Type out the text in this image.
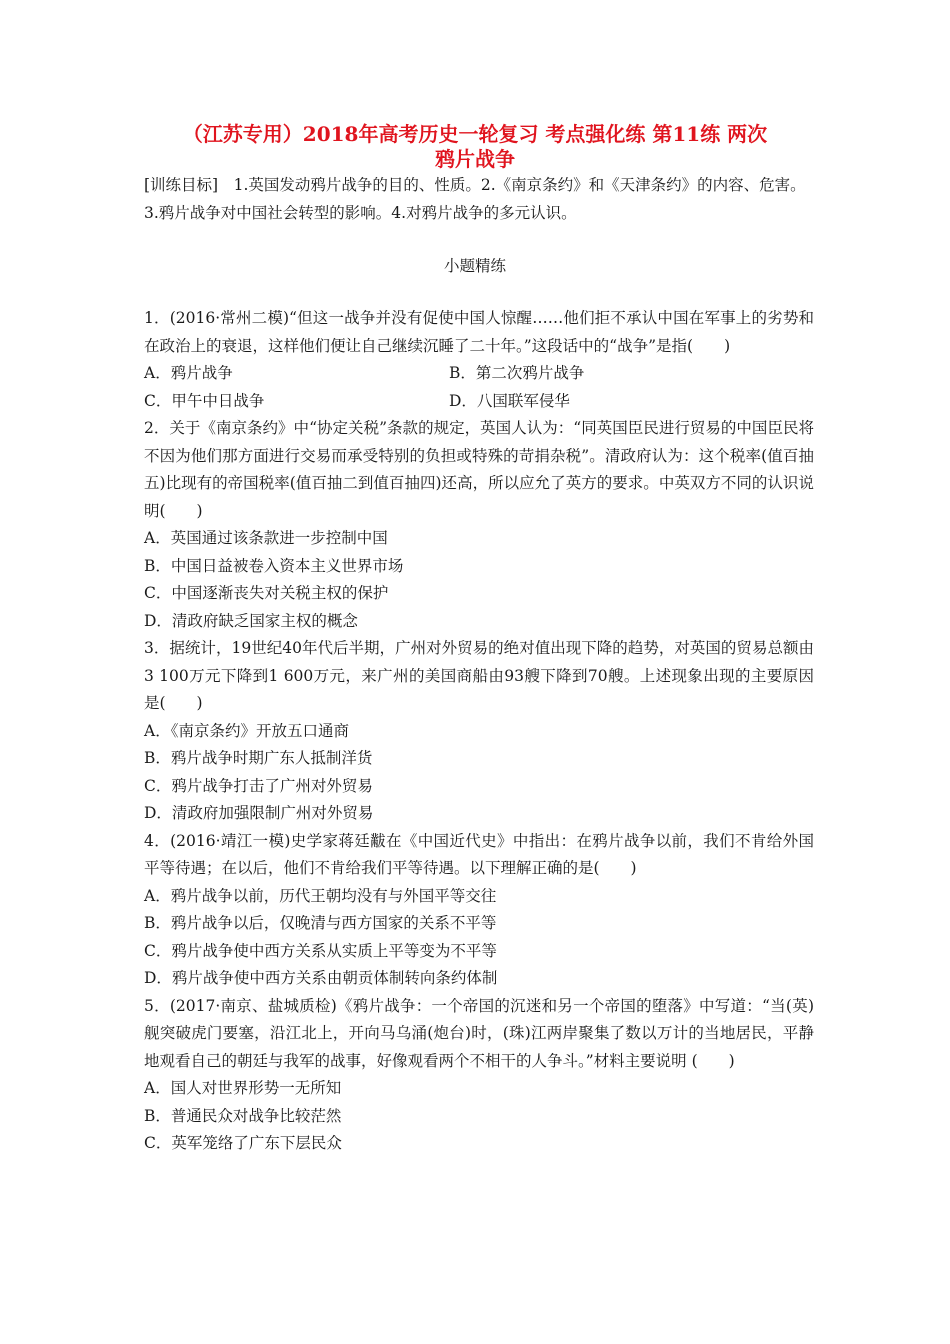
（江苏专用）2018年高考历史一轮复习 考点强化练 第11练 两次
鸦片战争
[训练目标]　1.英国发动鸦片战争的目的、性质。2.《南京条约》和《天津条约》的内容、危害。3.鸦片战争对中国社会转型的影响。4.对鸦片战争的多元认识。
小题精练
1．(2016·常州二模)“但这一战争并没有促使中国人惊醒……他们拒不承认中国在军事上的劣势和在政治上的衰退，这样他们便让自己继续沉睡了二十年。”这段话中的“战争”是指(　　)
A．鸦片战争	B．第二次鸦片战争
C．甲午中日战争	D．八国联军侵华
2．关于《南京条约》中“协定关税”条款的规定，英国人认为：“同英国臣民进行贸易的中国臣民将不因为他们那方面进行交易而承受特别的负担或特殊的苛捐杂税”。清政府认为：这个税率(值百抽五)比现有的帝国税率(值百抽二到值百抽四)还高，所以应允了英方的要求。中英双方不同的认识说明(　　)
A．英国通过该条款进一步控制中国
B．中国日益被卷入资本主义世界市场
C．中国逐渐丧失对关税主权的保护
D．清政府缺乏国家主权的概念
3．据统计，19世纪40年代后半期，广州对外贸易的绝对值出现下降的趋势，对英国的贸易总额由3 100万元下降到1 600万元，来广州的美国商船由93艘下降到70艘。上述现象出现的主要原因是(　　)
A．《南京条约》开放五口通商
B．鸦片战争时期广东人抵制洋货
C．鸦片战争打击了广州对外贸易
D．清政府加强限制广州对外贸易
4．(2016·靖江一模)史学家蒋廷黻在《中国近代史》中指出：在鸦片战争以前，我们不肯给外国平等待遇；在以后，他们不肯给我们平等待遇。以下理解正确的是(　　)
A．鸦片战争以前，历代王朝均没有与外国平等交往
B．鸦片战争以后，仅晚清与西方国家的关系不平等
C．鸦片战争使中西方关系从实质上平等变为不平等
D．鸦片战争使中西方关系由朝贡体制转向条约体制
5．(2017·南京、盐城质检)《鸦片战争：一个帝国的沉迷和另一个帝国的堕落》中写道：“当(英)舰突破虎门要塞，沿江北上，开向马乌涌(炮台)时，(珠)江两岸聚集了数以万计的当地居民，平静地观看自己的朝廷与我军的战事，好像观看两个不相干的人争斗。”材料主要说明 (　　)
A．国人对世界形势一无所知
B．普通民众对战争比较茫然
C．英军笼络了广东下层民众
